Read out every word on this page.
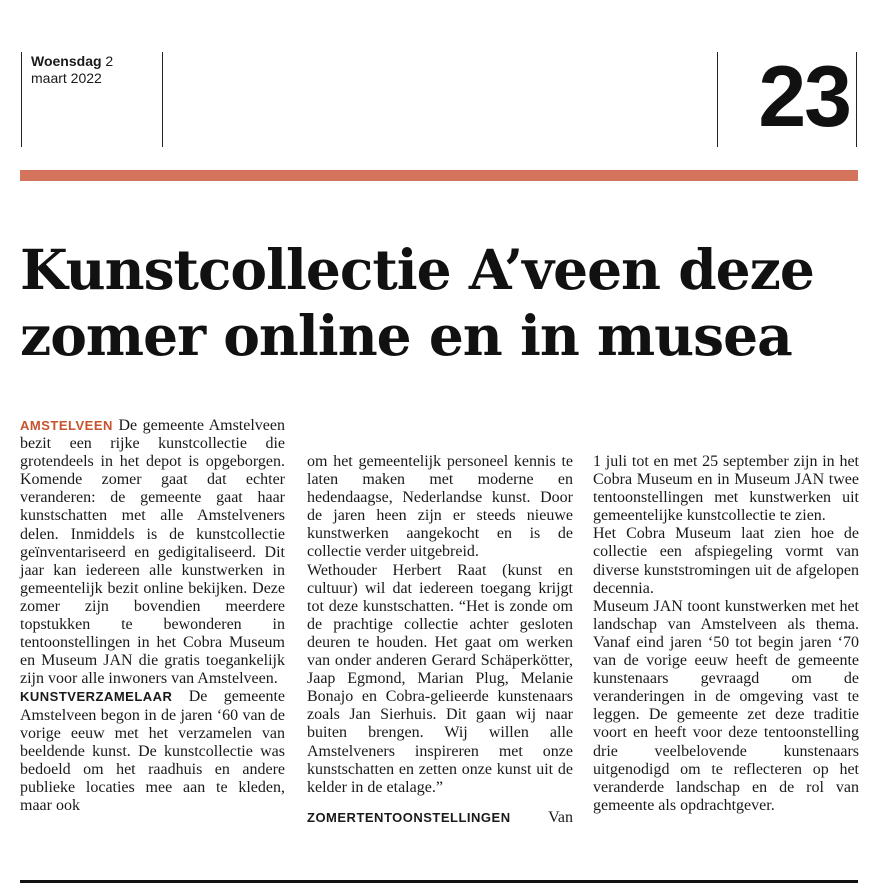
Woensdag 2
maart 2022	23
Kunstcollectie A’veen deze zomer online en in musea

AMSTELVEEN De gemeente Amstelveen bezit een rijke kunstcollectie die grotendeels in het depot is opgeborgen. Komende zomer gaat dat echter veranderen: de gemeente gaat haar kunstschatten met alle Amstelveners delen. Inmiddels is de kunstcollectie geïnventariseerd en gedigitaliseerd. Dit jaar kan iedereen alle kunstwerken in gemeentelijk bezit online bekijken. Deze zomer zijn bovendien meerdere topstukken te bewonderen in tentoonstellingen in het Cobra Museum en Museum JAN die gratis toegankelijk zijn voor alle inwoners van Amstelveen.

KUNSTVERZAMELAAR De gemeente Amstelveen begon in de jaren ‘60 van de vorige eeuw met het verzamelen van beeldende kunst. De kunstcollectie was bedoeld om het raadhuis en andere publieke locaties mee aan te kleden, maar ook

om het gemeentelijk personeel kennis te laten maken met moderne en hedendaagse, Nederlandse kunst. Door de jaren heen zijn er steeds nieuwe kunstwerken aangekocht en is de collectie verder uitgebreid.

Wethouder Herbert Raat (kunst en cultuur) wil dat iedereen toegang krijgt tot deze kunstschatten. “Het is zonde om de prachtige collectie achter gesloten deuren te houden. Het gaat om werken van onder anderen Gerard Schäperkötter, Jaap Egmond, Marian Plug, Melanie Bonajo en Cobra-gelieerde kunstenaars zoals Jan Sierhuis. Dit gaan wij naar buiten brengen. Wij willen alle Amstelveners inspireren met onze kunstschatten en zetten onze kunst uit de kelder in de etalage.”

ZOMERTENTOONSTELLINGEN Van

1 juli tot en met 25 september zijn in het Cobra Museum en in Museum JAN twee tentoonstellingen met kunstwerken uit gemeentelijke kunstcollectie te zien.

Het Cobra Museum laat zien hoe de collectie een afspiegeling vormt van diverse kunststromingen uit de afgelopen decennia.

Museum JAN toont kunstwerken met het landschap van Amstelveen als thema. Vanaf eind jaren ‘50 tot begin jaren ‘70 van de vorige eeuw heeft de gemeente kunstenaars gevraagd om de veranderingen in de omgeving vast te leggen. De gemeente zet deze traditie voort en heeft voor deze tentoonstelling drie veelbelovende kunstenaars uitgenodigd om te reflecteren op het veranderde landschap en de rol van gemeente als opdrachtgever.
